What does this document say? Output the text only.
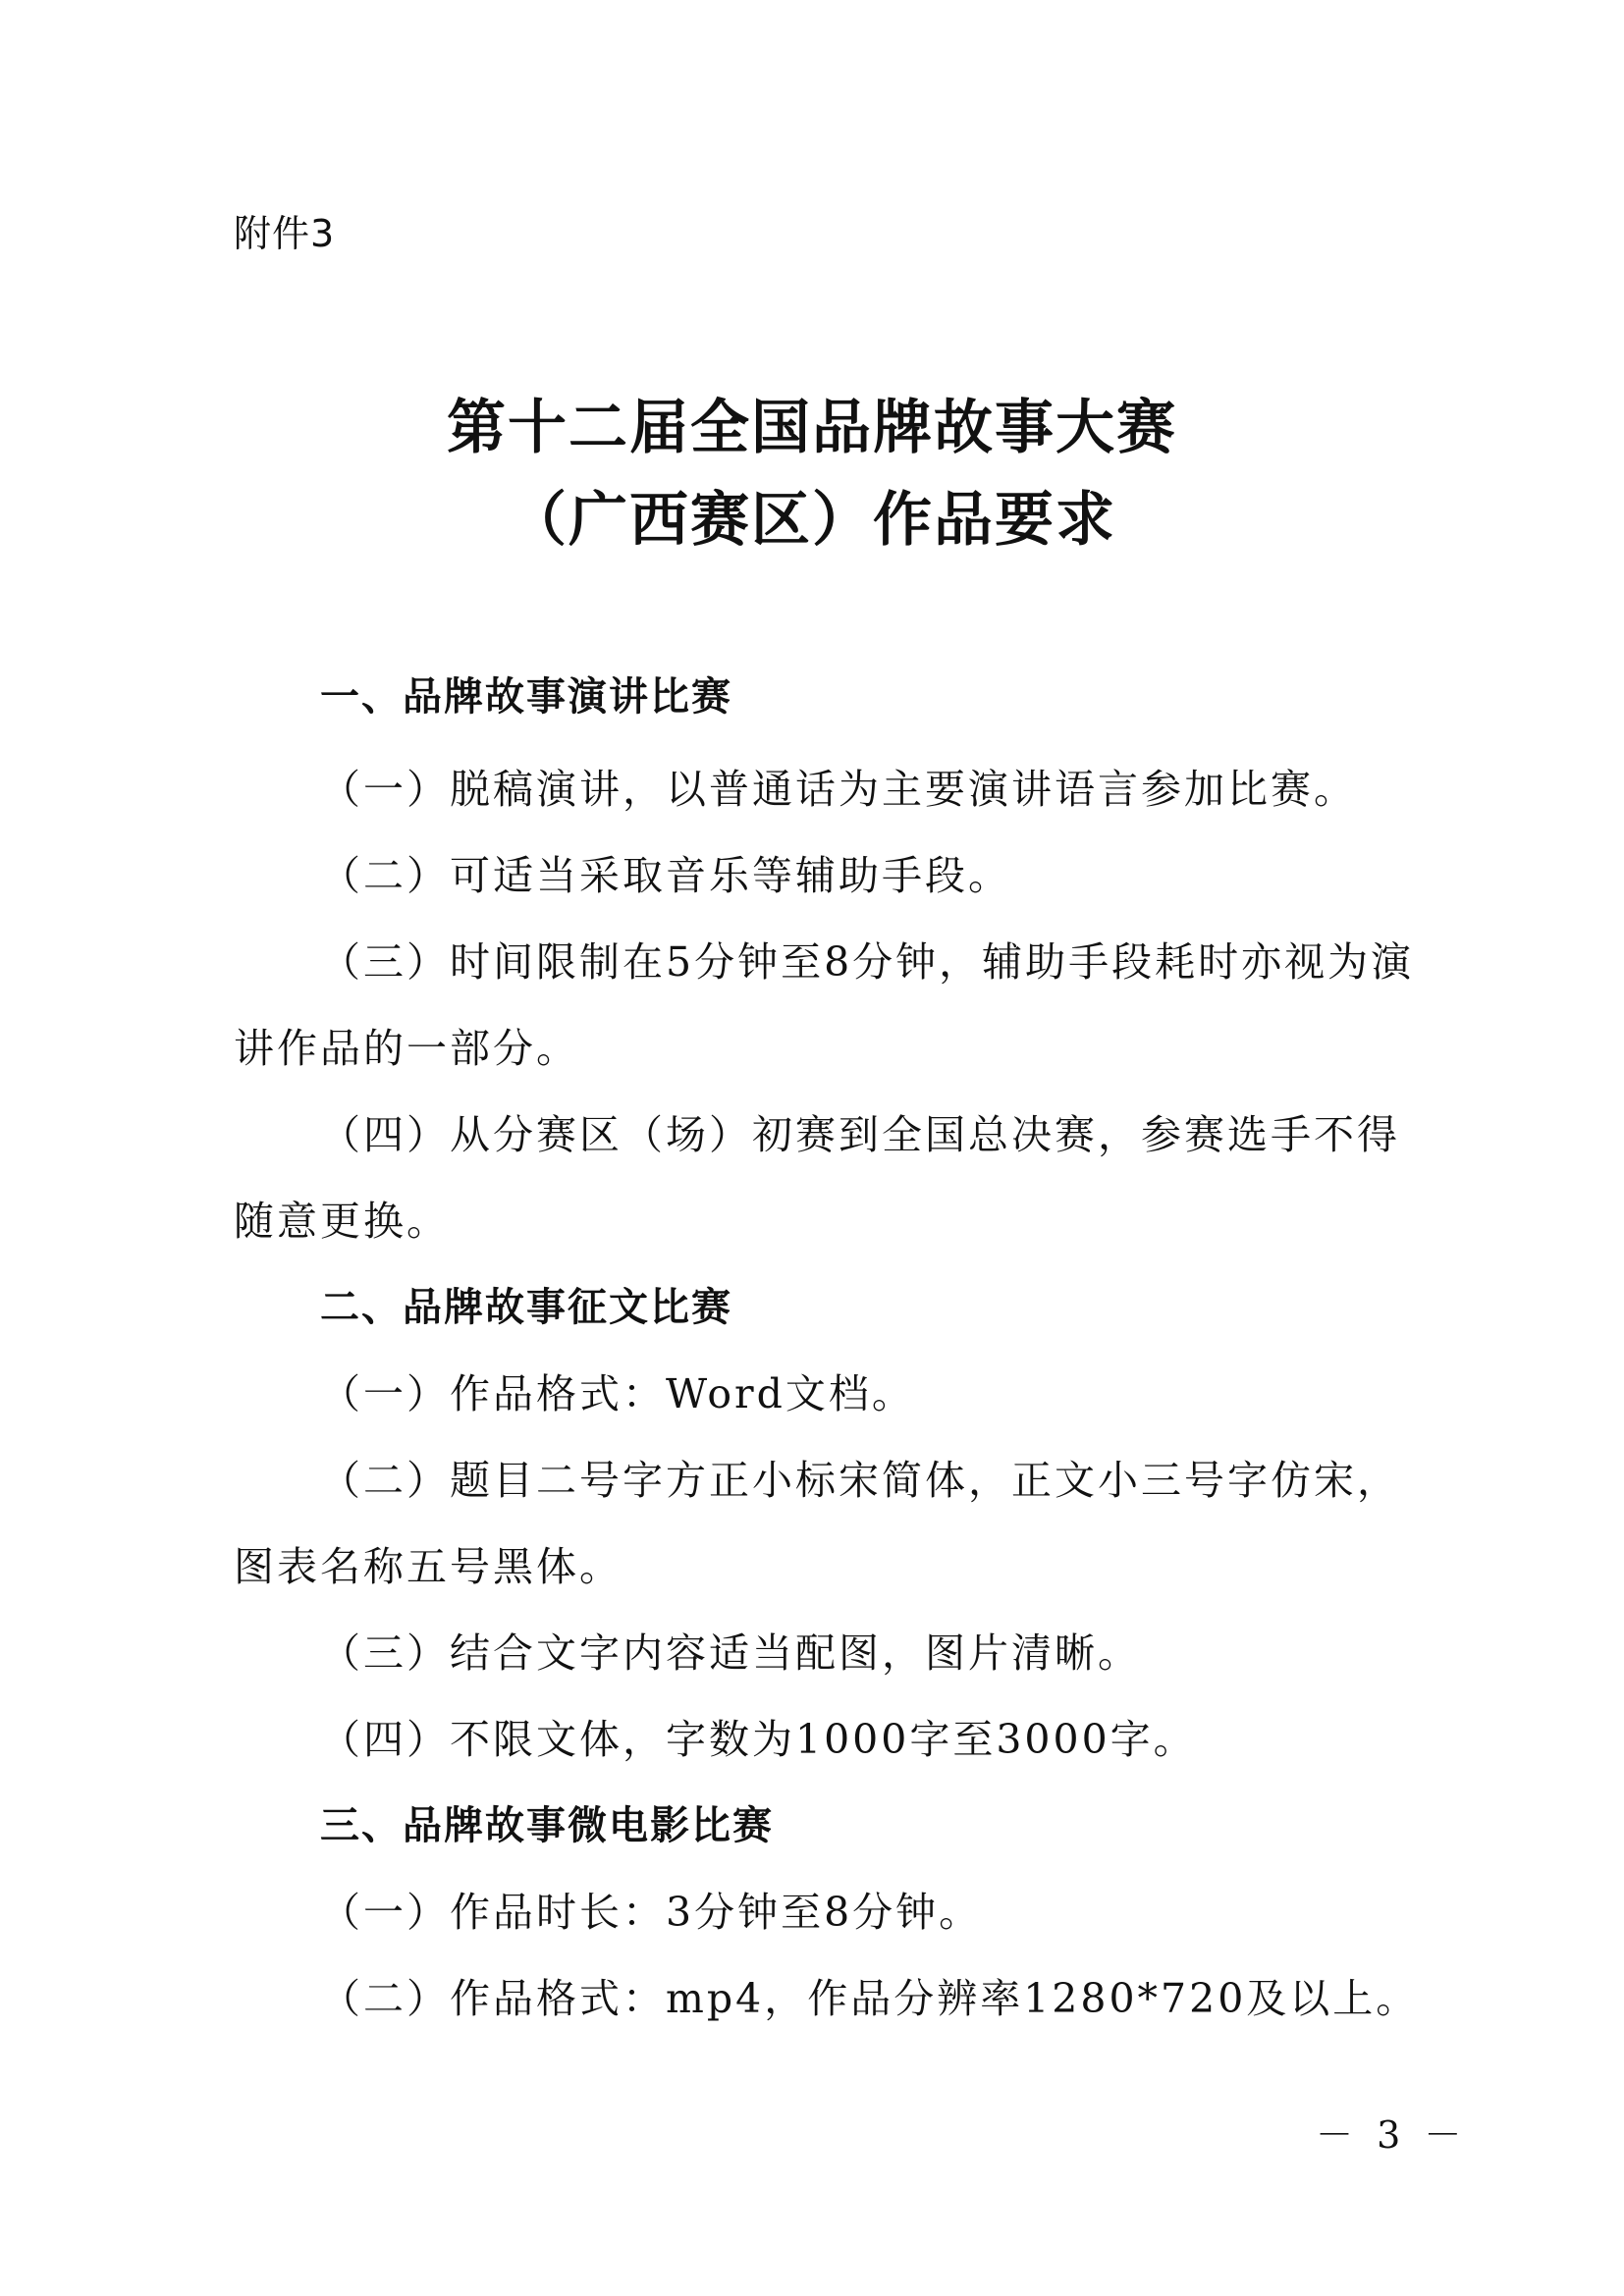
附件3
第十二届全国品牌故事大赛
（广西赛区）作品要求
一、品牌故事演讲比赛
（一）脱稿演讲，以普通话为主要演讲语言参加比赛。
（二）可适当采取音乐等辅助手段。
（三）时间限制在5分钟至8分钟，辅助手段耗时亦视为演
讲作品的一部分。
（四）从分赛区（场）初赛到全国总决赛，参赛选手不得
随意更换。
二、品牌故事征文比赛
（一）作品格式：Word文档。
（二）题目二号字方正小标宋简体，正文小三号字仿宋，
图表名称五号黑体。
（三）结合文字内容适当配图，图片清晰。
（四）不限文体，字数为1000字至3000字。
三、品牌故事微电影比赛
（一）作品时长：3分钟至8分钟。
（二）作品格式：mp4，作品分辨率1280*720及以上。
－ 3 －
